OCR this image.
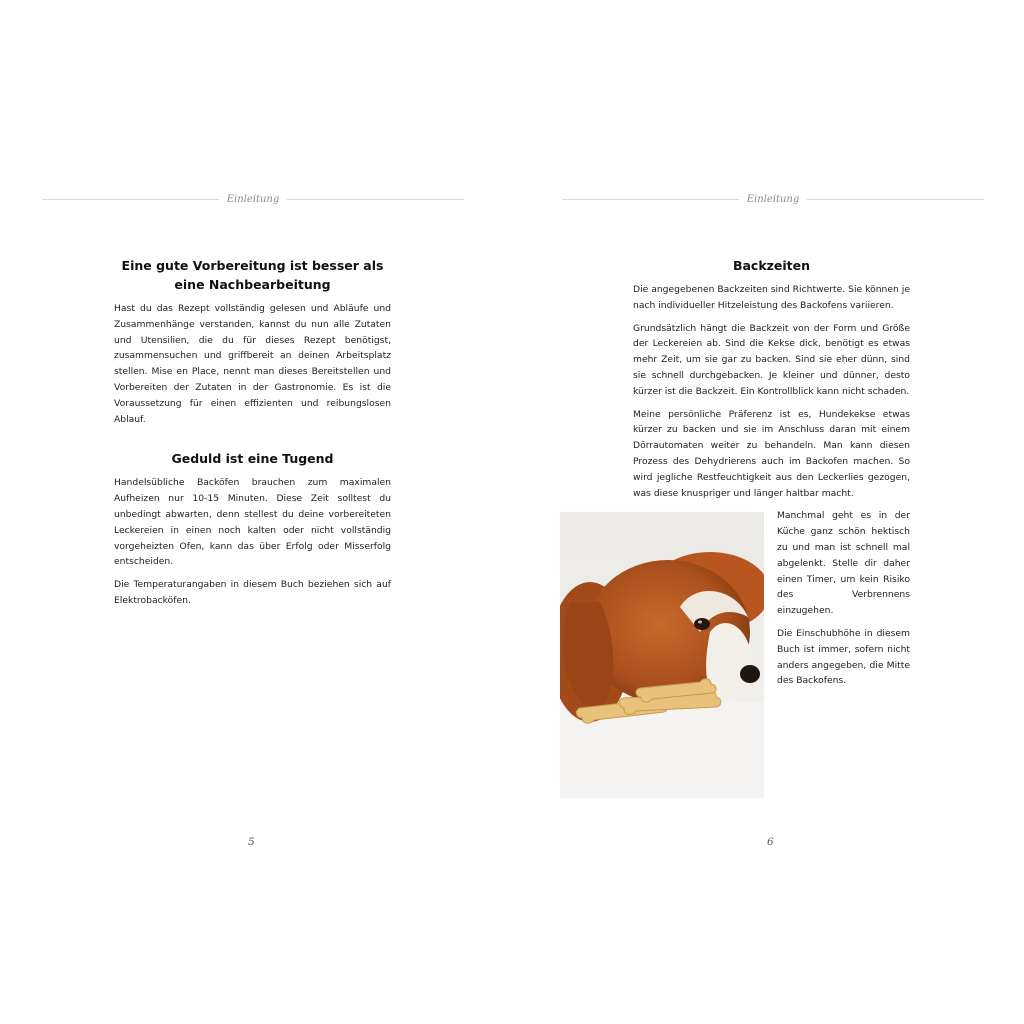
Einleitung
Eine gute Vorbereitung ist besser als eine Nachbearbeitung

Hast du das Rezept vollständig gelesen und Abläufe und Zusammenhänge verstanden, kannst du nun alle Zutaten und Utensilien, die du für dieses Rezept benötigst, zusammensuchen und griffbereit an deinen Arbeitsplatz stellen. Mise en Place, nennt man dieses Bereitstellen und Vorbereiten der Zutaten in der Gastronomie. Es ist die Voraussetzung für einen effizienten und reibungslosen Ablauf.

Geduld ist eine Tugend

Handelsübliche Backöfen brauchen zum maximalen Aufheizen nur 10-15 Minuten. Diese Zeit solltest du unbedingt abwarten, denn stellest du deine vorbereiteten Leckereien in einen noch kalten oder nicht vollständig vorgeheizten Ofen, kann das über Erfolg oder Misserfolg entscheiden.

Die Temperaturangaben in diesem Buch beziehen sich auf Elektrobacköfen.

5
Einleitung
Backzeiten

Die angegebenen Backzeiten sind Richtwerte. Sie können je nach individueller Hitzeleistung des Backofens variieren.

Grundsätzlich hängt die Backzeit von der Form und Größe der Leckereien ab. Sind die Kekse dick, benötigt es etwas mehr Zeit, um sie gar zu backen. Sind sie eher dünn, sind sie schnell durchgebacken. Je kleiner und dünner, desto kürzer ist die Backzeit. Ein Kontrollblick kann nicht schaden.

Meine persönliche Präferenz ist es, Hundekekse etwas kürzer zu backen und sie im Anschluss daran mit einem Dörrautomaten weiter zu behandeln. Man kann diesen Prozess des Dehydrierens auch im Backofen machen. So wird jegliche Restfeuchtigkeit aus den Leckerlies gezogen, was diese knuspriger und länger haltbar macht.

Manchmal geht es in der Küche ganz schön hektisch zu und man ist schnell mal abgelenkt. Stelle dir daher einen Timer, um kein Risiko des Verbrennens einzugehen.

Die Einschubhöhe in diesem Buch ist immer, sofern nicht anders angegeben, die Mitte des Backofens.

6
